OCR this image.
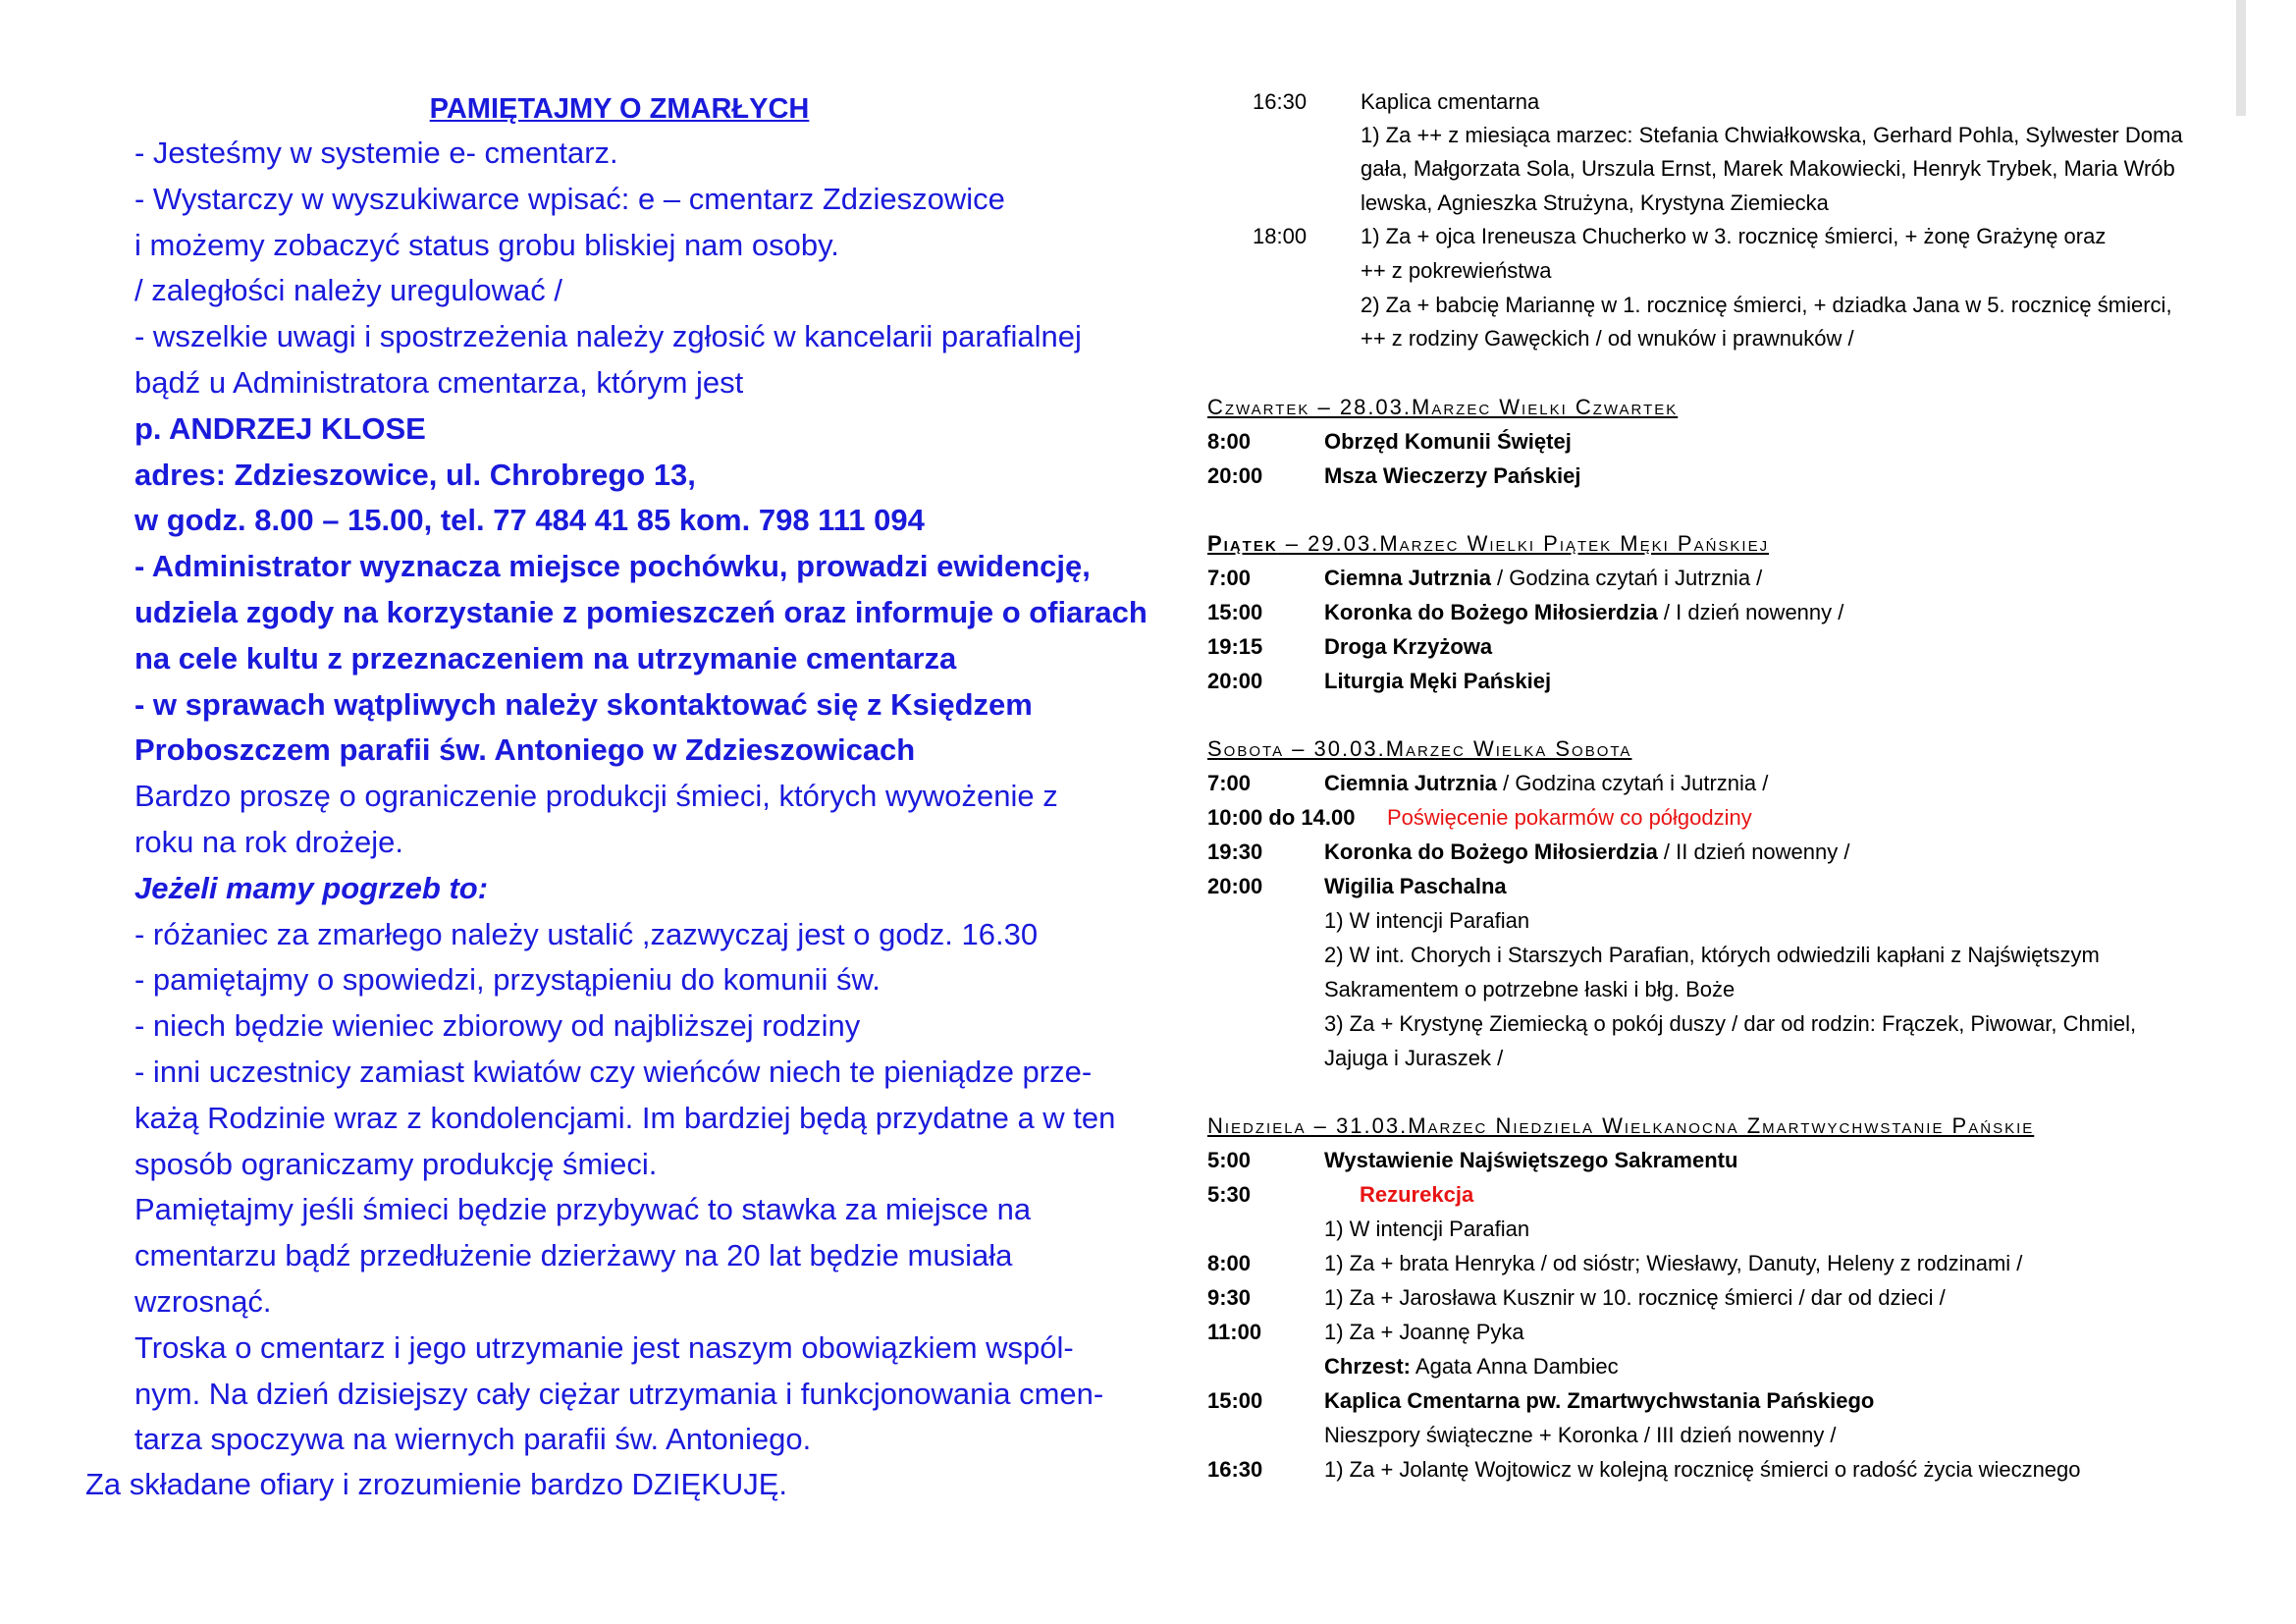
PAMIĘTAJMY O ZMARŁYCH
- Jesteśmy w systemie e- cmentarz.
- Wystarczy w wyszukiwarce wpisać: e – cmentarz Zdzieszowice
i możemy zobaczyć status grobu bliskiej nam osoby.
/ zaległości należy uregulować /
- wszelkie uwagi i spostrzeżenia należy zgłosić w kancelarii parafialnej
bądź u Administratora cmentarza, którym jest
p. ANDRZEJ KLOSE
adres: Zdzieszowice, ul. Chrobrego 13,
w godz. 8.00 – 15.00, tel. 77 484 41 85 kom. 798 111 094
- Administrator wyznacza miejsce pochówku, prowadzi ewidencję,
udziela zgody na korzystanie z pomieszczeń oraz informuje o ofiarach
na cele kultu z przeznaczeniem na utrzymanie cmentarza
- w sprawach wątpliwych należy skontaktować się z Księdzem
Proboszczem parafii św. Antoniego w Zdzieszowicach
Bardzo proszę o ograniczenie produkcji śmieci, których wywożenie z
roku na rok drożeje.
Jeżeli mamy pogrzeb to:
- różaniec za zmarłego należy ustalić ,zazwyczaj jest o godz. 16.30
- pamiętajmy o spowiedzi, przystąpieniu do komunii św.
- niech będzie wieniec zbiorowy od najbliższej rodziny
- inni uczestnicy zamiast kwiatów czy wieńców niech te pieniądze prze-
każą Rodzinie wraz z kondolencjami. Im bardziej będą przydatne a w ten
sposób ograniczamy produkcję śmieci.
Pamiętajmy jeśli śmieci będzie przybywać to stawka za miejsce na
cmentarzu bądź przedłużenie dzierżawy na 20 lat będzie musiała
wzrosnąć.
Troska o cmentarz i jego utrzymanie jest naszym obowiązkiem wspól-
nym. Na dzień dzisiejszy cały ciężar utrzymania i funkcjonowania cmen-
tarza spoczywa na wiernych parafii św. Antoniego.
Za składane ofiary i zrozumienie bardzo DZIĘKUJĘ.
16:30 Kaplica cmentarna
1) Za ++ z miesiąca marzec: Stefania Chwiałkowska, Gerhard Pohla, Sylwester Doma
gała, Małgorzata Sola, Urszula Ernst, Marek Makowiecki, Henryk Trybek, Maria Wrób
lewska, Agnieszka Strużyna, Krystyna Ziemiecka
18:00 1) Za + ojca Ireneusza Chucherko w 3. rocznicę śmierci, + żonę Grażynę oraz
++ z pokrewieństwa
2) Za + babcię Mariannę w 1. rocznicę śmierci, + dziadka Jana w 5. rocznicę śmierci,
++ z rodziny Gawęckich / od wnuków i prawnuków /
Czwartek – 28.03.Marzec Wielki Czwartek
8:00	Obrzęd Komunii Świętej
20:00	Msza Wieczerzy Pańskiej
Piątek – 29.03.Marzec Wielki Piątek Męki Pańskiej
7:00	Ciemna Jutrznia / Godzina czytań i Jutrznia /
15:00	Koronka do Bożego Miłosierdzia / I dzień nowenny /
19:15	Droga Krzyżowa
20:00	Liturgia Męki Pańskiej
Sobota – 30.03.Marzec Wielka Sobota
7:00	Ciemnia Jutrznia / Godzina czytań i Jutrznia /
10:00 do 14.00 Poświęcenie pokarmów co półgodziny
19:30	Koronka do Bożego Miłosierdzia / II dzień nowenny /
20:00	Wigilia Paschalna
1) W intencji Parafian
2) W int. Chorych i Starszych Parafian, których odwiedzili kapłani z Najświętszym
Sakramentem o potrzebne łaski i błg. Boże
3) Za + Krystynę Ziemiecką o pokój duszy / dar od rodzin: Frączek, Piwowar, Chmiel,
Jajuga i Juraszek /
Niedziela – 31.03.Marzec Niedziela Wielkanocna Zmartwychwstanie Pańskie
5:00	Wystawienie Najświętszego Sakramentu
5:30	Rezurekcja
1) W intencji Parafian
8:00	1) Za + brata Henryka / od sióstr; Wiesławy, Danuty, Heleny z rodzinami /
9:30	1) Za + Jarosława Kusznir w 10. rocznicę śmierci / dar od dzieci /
11:00	1) Za + Joannę Pyka
Chrzest: Agata Anna Dambiec
15:00	Kaplica Cmentarna pw. Zmartwychwstania Pańskiego
Nieszpory świąteczne + Koronka / III dzień nowenny /
16:30	1) Za + Jolantę Wojtowicz w kolejną rocznicę śmierci o radość życia wiecznego
